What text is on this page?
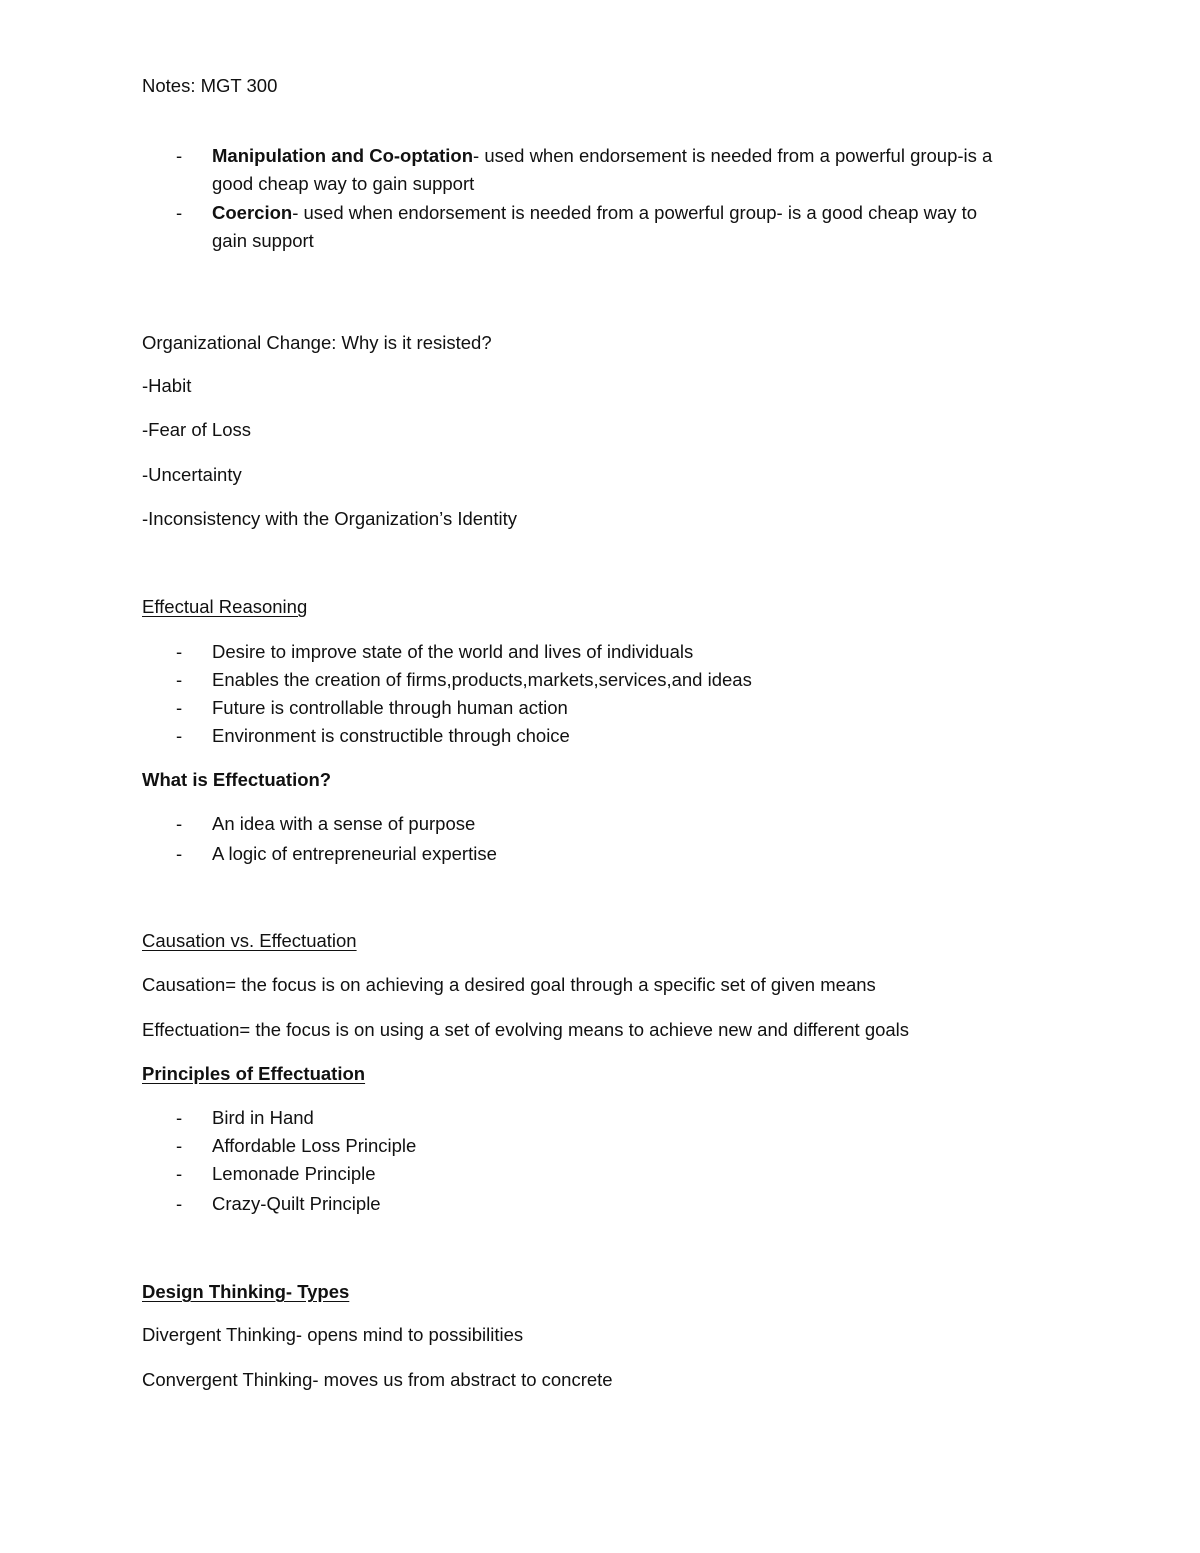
Notes: MGT 300
- Manipulation and Co-optation- used when endorsement is needed from a powerful group-is a
good cheap way to gain support
- Coercion- used when endorsement is needed from a powerful group- is a good cheap way to
gain support
Organizational Change: Why is it resisted?
-Habit
-Fear of Loss
-Uncertainty
-Inconsistency with the Organization’s Identity
Effectual Reasoning
- Desire to improve state of the world and lives of individuals
- Enables the creation of firms,products,markets,services,and ideas
- Future is controllable through human action
- Environment is constructible through choice
What is Effectuation?
- An idea with a sense of purpose
- A logic of entrepreneurial expertise
Causation vs. Effectuation
Causation= the focus is on achieving a desired goal through a specific set of given means
Effectuation= the focus is on using a set of evolving means to achieve new and different goals
Principles of Effectuation
- Bird in Hand
- Affordable Loss Principle
- Lemonade Principle
- Crazy-Quilt Principle
Design Thinking- Types
Divergent Thinking- opens mind to possibilities
Convergent Thinking- moves us from abstract to concrete
